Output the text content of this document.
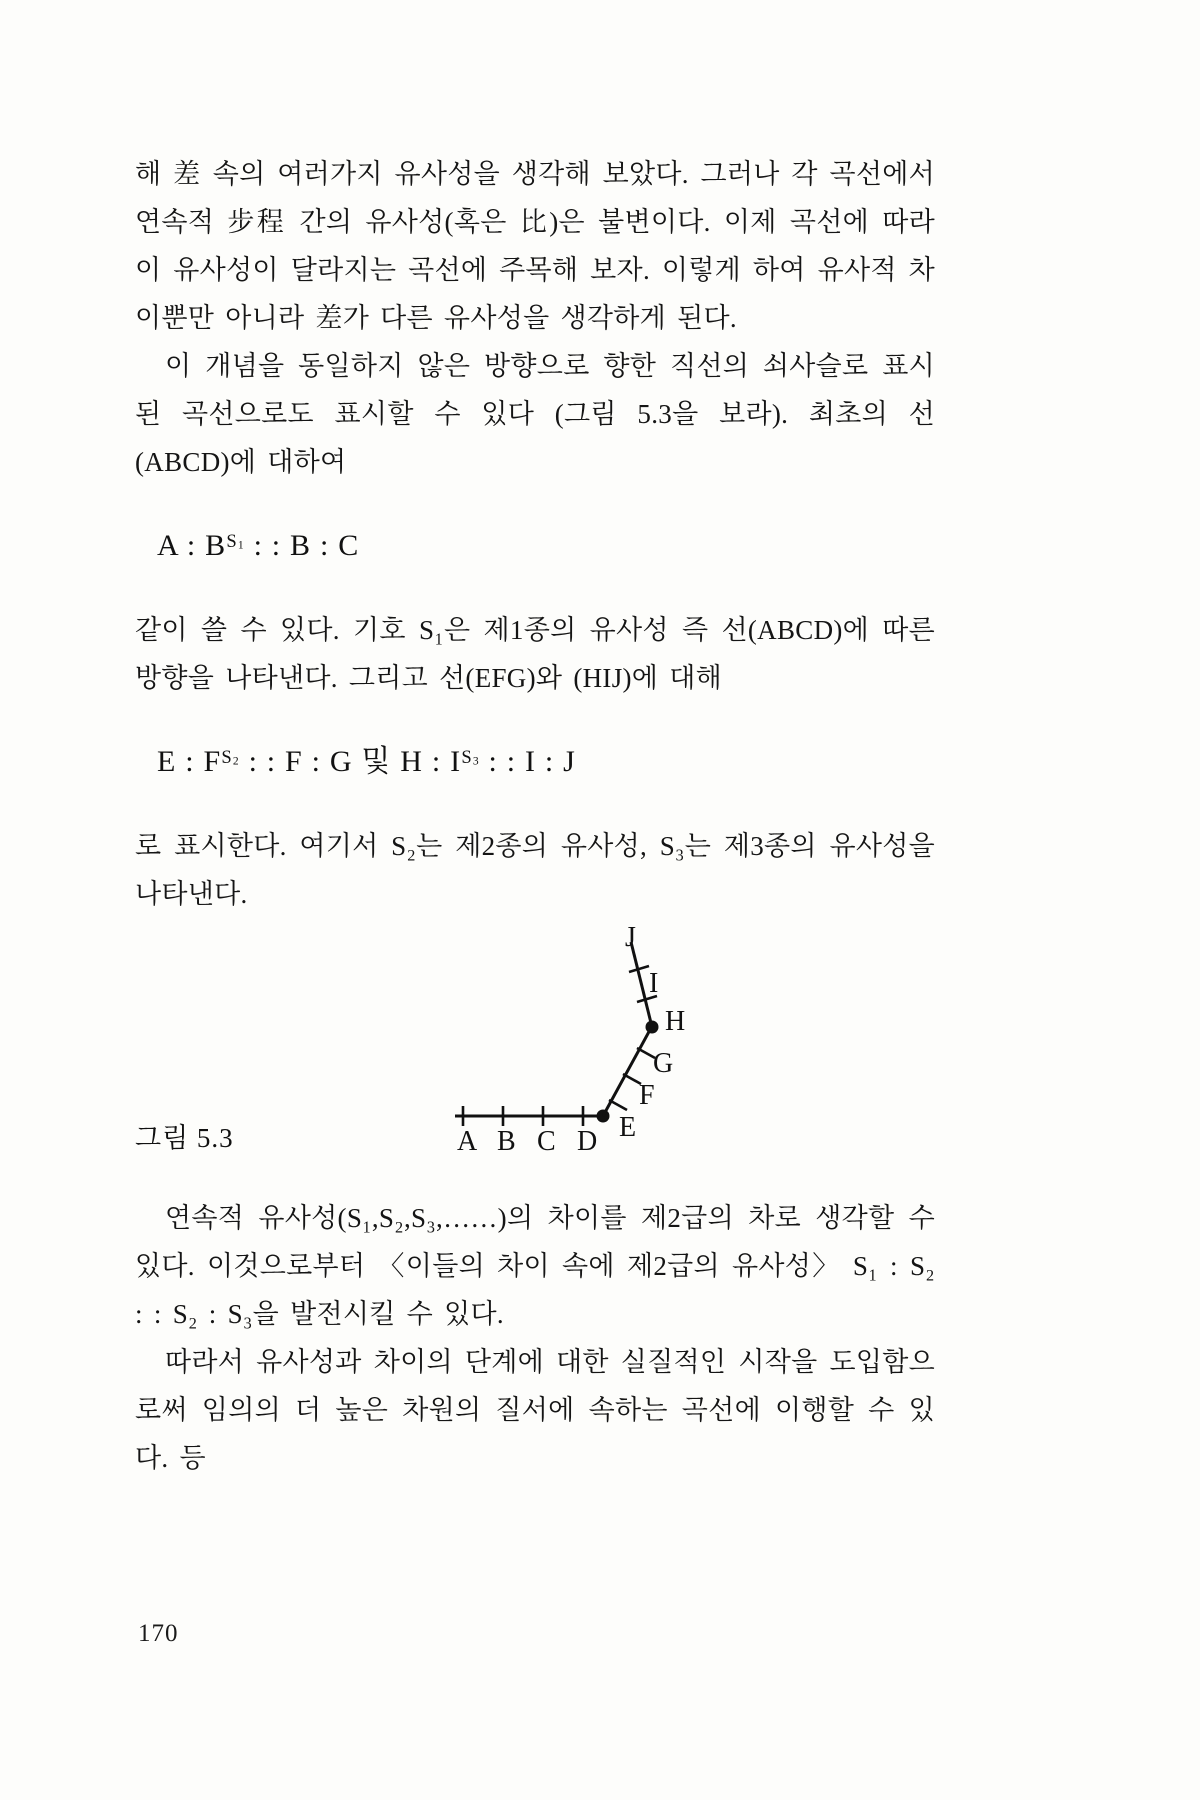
해 差 속의 여러가지 유사성을 생각해 보았다. 그러나 각 곡선에서 연속적 步程 간의 유사성(혹은 比)은 불변이다. 이제 곡선에 따라 이 유사성이 달라지는 곡선에 주목해 보자. 이렇게 하여 유사적 차이뿐만 아니라 差가 다른 유사성을 생각하게 된다.

이 개념을 동일하지 않은 방향으로 향한 직선의 쇠사슬로 표시된 곡선으로도 표시할 수 있다 (그림 5.3을 보라). 최초의 선(ABCD)에 대하여

A : $B^{S_1}$ : : B : C

같이 쓸 수 있다. 기호 S₁은 제1종의 유사성 즉 선(ABCD)에 따른 방향을 나타낸다. 그리고 선(EFG)와 (HIJ)에 대해

E : $F^{S_2}$ : : F : G 및 H : $I^{S_3}$ : : I : J

로 표시한다. 여기서 S₂는 제2종의 유사성, S₃는 제3종의 유사성을 나타낸다.

그림 5.3	A B C D E
F
G
H
I
J

연속적 유사성(S₁,S₂,S₃,……)의 차이를 제2급의 차로 생각할 수 있다. 이것으로부터 〈이들의 차이 속에 제2급의 유사성〉 S₁ : S₂ : : S₂ : S₃을 발전시킬 수 있다.

따라서 유사성과 차이의 단계에 대한 실질적인 시작을 도입함으로써 임의의 더 높은 차원의 질서에 속하는 곡선에 이행할 수 있다. 등

170
